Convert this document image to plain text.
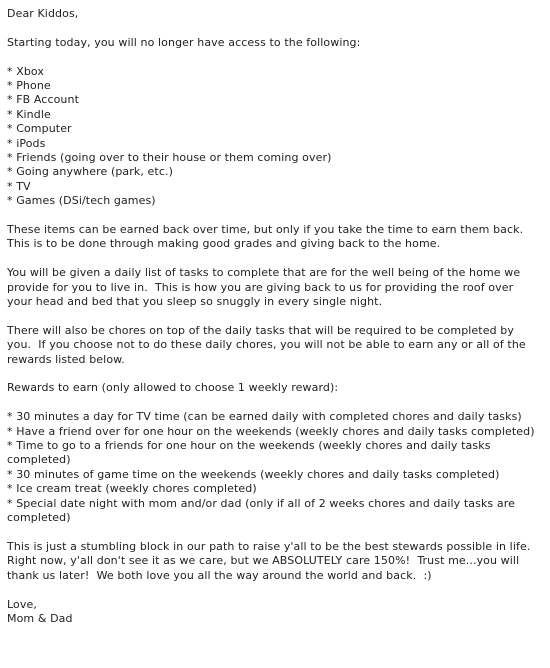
Dear Kiddos,

Starting today, you will no longer have access to the following:

* Xbox
* Phone
* FB Account
* Kindle
* Computer
* iPods
* Friends (going over to their house or them coming over)
* Going anywhere (park, etc.)
* TV
* Games (DSi/tech games)

These items can be earned back over time, but only if you take the time to earn them back.  This is to be done through making good grades and giving back to the home.

You will be given a daily list of tasks to complete that are for the well being of the home we provide for you to live in.  This is how you are giving back to us for providing the roof over your head and bed that you sleep so snuggly in every single night.

There will also be chores on top of the daily tasks that will be required to be completed by you.  If you choose not to do these daily chores, you will not be able to earn any or all of the rewards listed below.

Rewards to earn (only allowed to choose 1 weekly reward):

* 30 minutes a day for TV time (can be earned daily with completed chores and daily tasks)
* Have a friend over for one hour on the weekends (weekly chores and daily tasks completed)
* Time to go to a friends for one hour on the weekends (weekly chores and daily tasks completed)
* 30 minutes of game time on the weekends (weekly chores and daily tasks completed)
* Ice cream treat (weekly chores completed)
* Special date night with mom and/or dad (only if all of 2 weeks chores and daily tasks are completed)

This is just a stumbling block in our path to raise y'all to be the best stewards possible in life.  Right now, y'all don't see it as we care, but we ABSOLUTELY care 150%!  Trust me...you will thank us later!  We both love you all the way around the world and back.  :)

Love,

Mom & Dad
